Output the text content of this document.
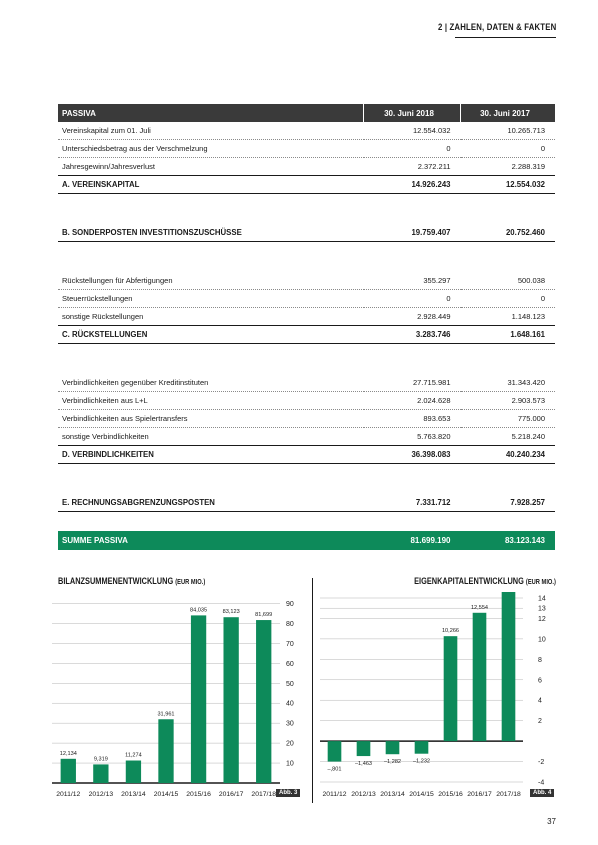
2 | ZAHLEN, DATEN & FAKTEN
PASSIVA	30. Juni 2018	30. Juni 2017
Vereinskapital zum 01. Juli	12.554.032	10.265.713
Unterschiedsbetrag aus der Verschmelzung	0	0
Jahresgewinn/Jahresverlust	2.372.211	2.288.319
A. VEREINSKAPITAL	14.926.243	12.554.032

B. SONDERPOSTEN INVESTITIONSZUSCHÜSSE	19.759.407	20.752.460

Rückstellungen für Abfertigungen	355.297	500.038
Steuerrückstellungen	0	0
sonstige Rückstellungen	2.928.449	1.148.123
C. RÜCKSTELLUNGEN	3.283.746	1.648.161

Verbindlichkeiten gegenüber Kreditinstituten	27.715.981	31.343.420
Verbindlichkeiten aus L+L	2.024.628	2.903.573
Verbindlichkeiten aus Spielertransfers	893.653	775.000
sonstige Verbindlichkeiten	5.763.820	5.218.240
D. VERBINDLICHKEITEN	36.398.083	40.240.234

E. RECHNUNGSABGRENZUNGSPOSTEN	7.331.712	7.928.257

SUMME PASSIVA	81.699.190	83.123.143
BILANZSUMMENENTWICKLUNG (EUR MIO.)	EIGENKAPITALENTWICKLUNG (EUR MIO.)
10
20
30
40
50
60
70
80
90
12,134
2011/12
9,319
2012/13
11,274
2013/14
31,961
2014/15
84,035
2015/16
83,123
2016/17
81,699
2017/18
-4
-2
2
4
6
8
10
12
13
14
–,801
2011/12
–1,463
2012/13
–1,282
2013/14
–1,232
2014/15
10,266
2015/16
12,554
2016/17 2017/18
Abb. 3	Abb. 4
37
